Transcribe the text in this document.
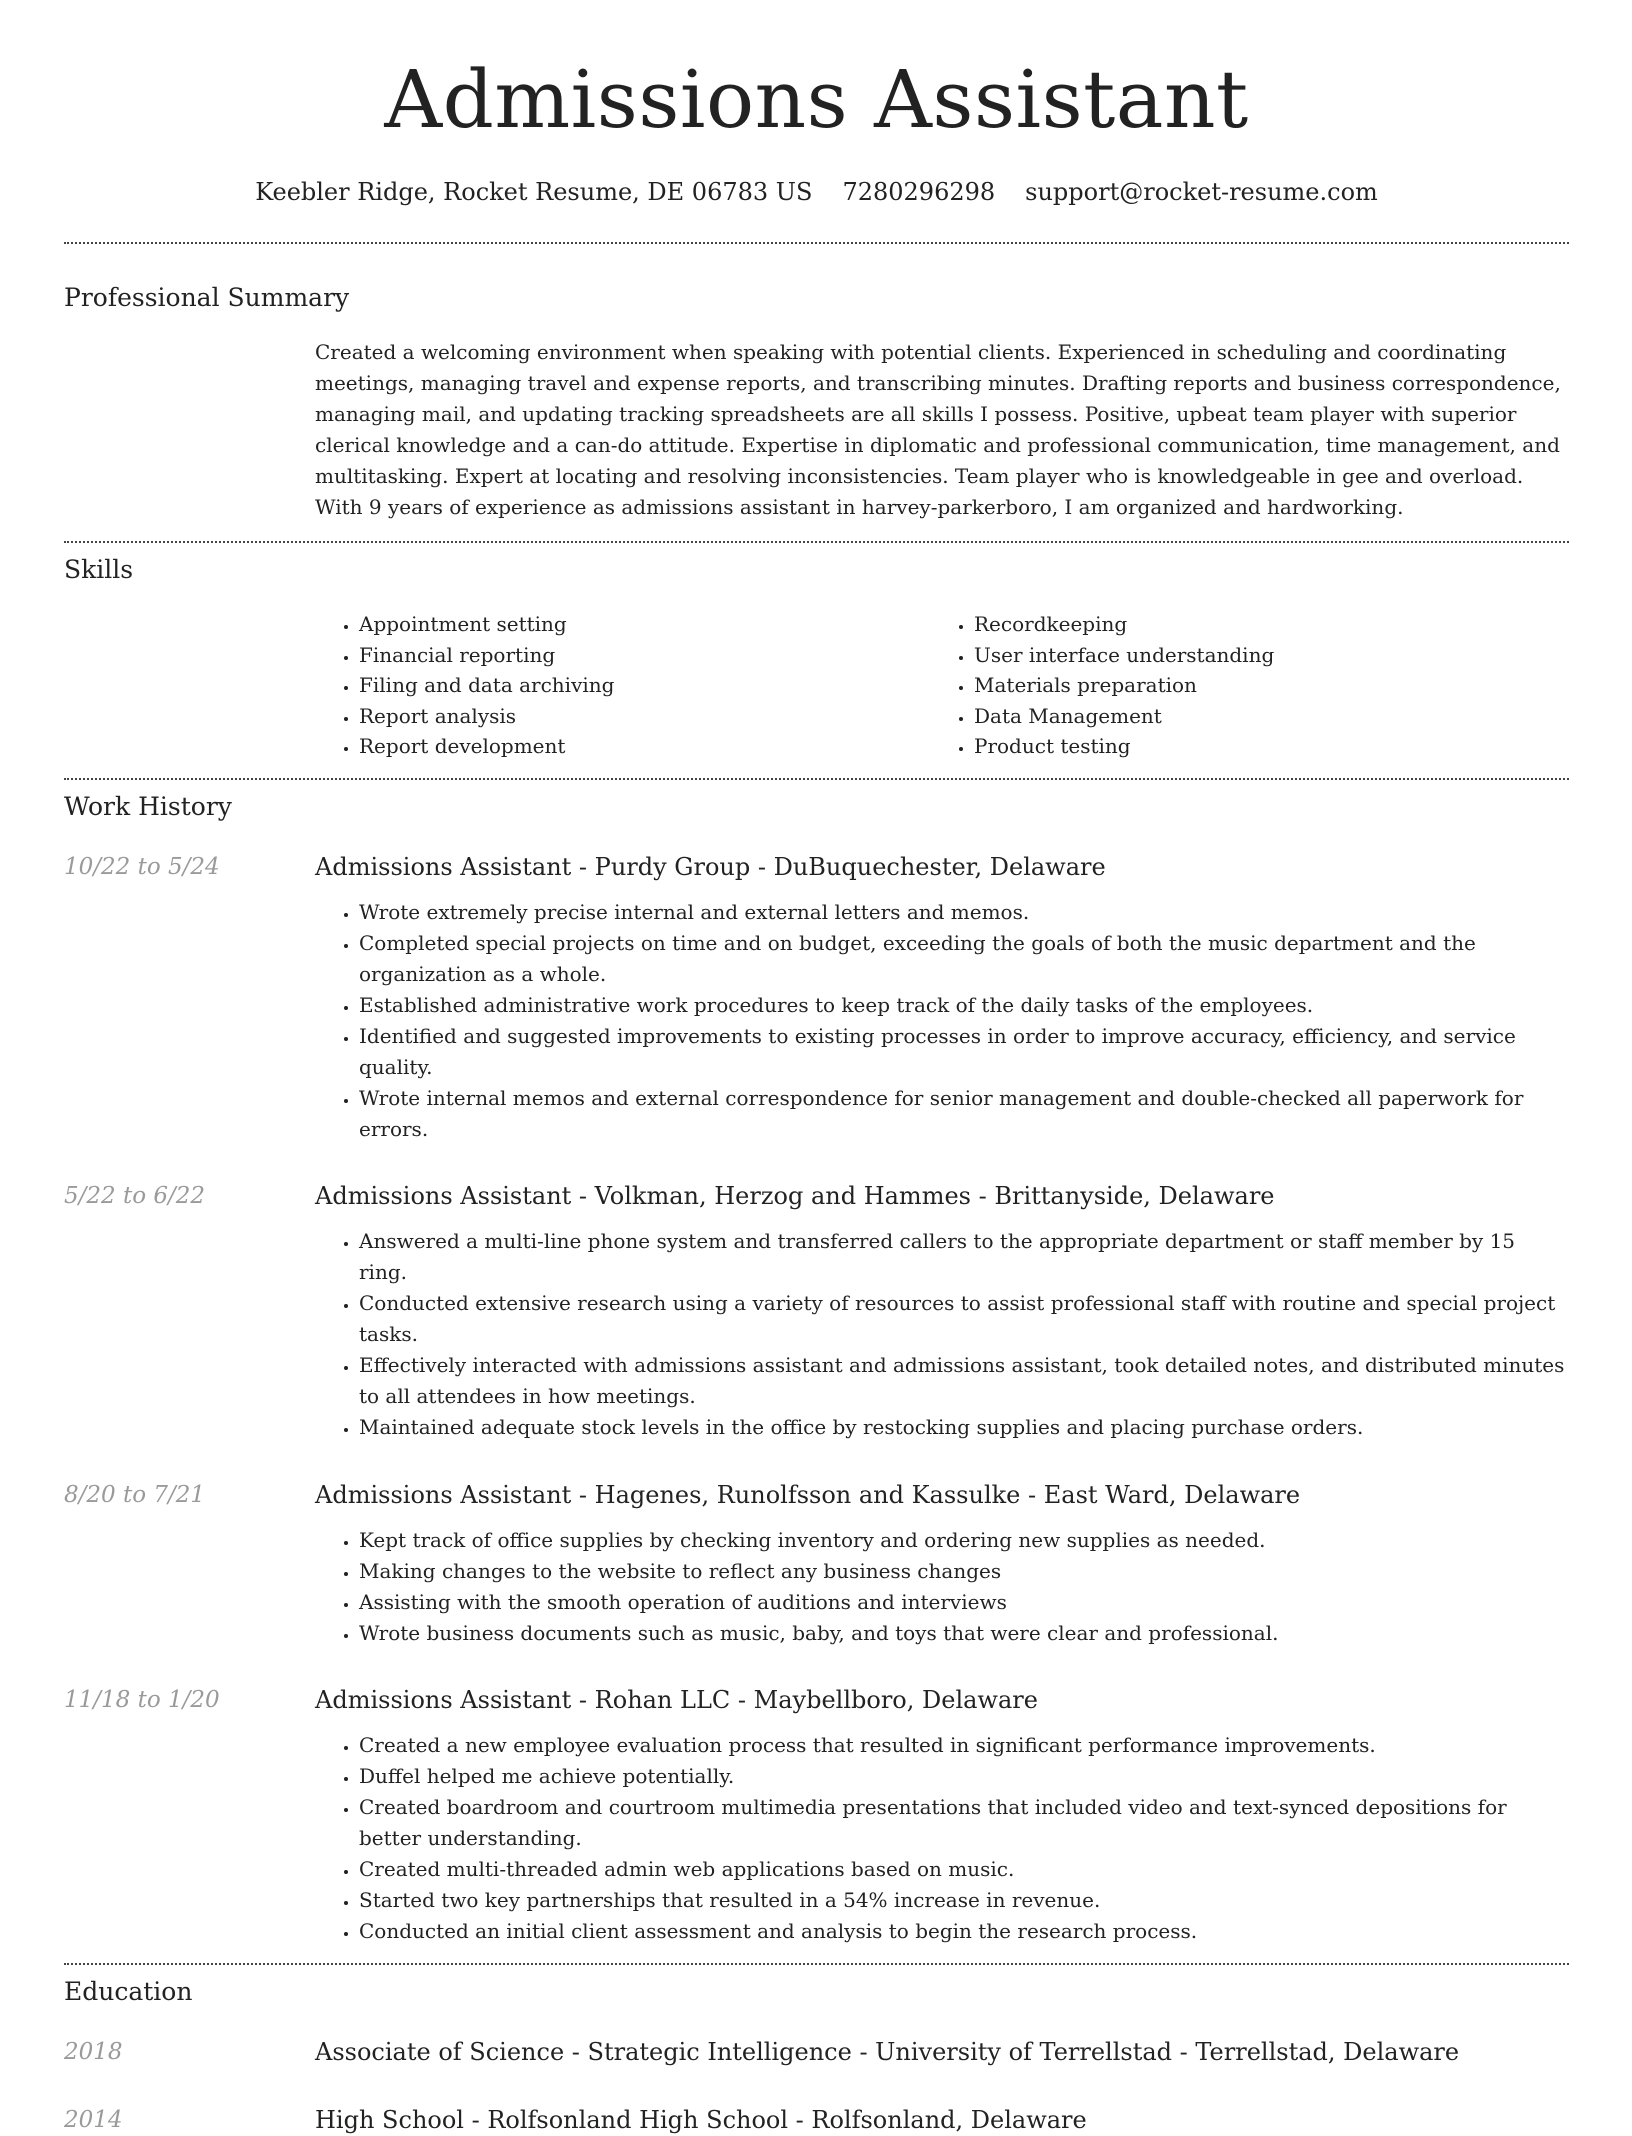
Admissions Assistant
Keebler Ridge, Rocket Resume, DE 06783 US 7280296298 support@rocket-resume.com
Professional Summary

Created a welcoming environment when speaking with potential clients. Experienced in scheduling and coordinating meetings, managing travel and expense reports, and transcribing minutes. Drafting reports and business correspondence, managing mail, and updating tracking spreadsheets are all skills I possess. Positive, upbeat team player with superior clerical knowledge and a can-do attitude. Expertise in diplomatic and professional communication, time management, and multitasking. Expert at locating and resolving inconsistencies. Team player who is knowledgeable in gee and overload. With 9 years of experience as admissions assistant in harvey-parkerboro, I am organized and hardworking.

Skills
• Appointment setting
• Financial reporting
• Filing and data archiving
• Report analysis
• Report development
• Recordkeeping
• User interface understanding
• Materials preparation
• Data Management
• Product testing
Work History
10/22 to 5/24	Admissions Assistant - Purdy Group - DuBuquechester, Delaware
• Wrote extremely precise internal and external letters and memos.
• Completed special projects on time and on budget, exceeding the goals of both the music department and the organization as a whole.
• Established administrative work procedures to keep track of the daily tasks of the employees.
• Identified and suggested improvements to existing processes in order to improve accuracy, efficiency, and service quality.
• Wrote internal memos and external correspondence for senior management and double-checked all paperwork for errors.
5/22 to 6/22	Admissions Assistant - Volkman, Herzog and Hammes - Brittanyside, Delaware
• Answered a multi-line phone system and transferred callers to the appropriate department or staff member by 15 ring.
• Conducted extensive research using a variety of resources to assist professional staff with routine and special project tasks.
• Effectively interacted with admissions assistant and admissions assistant, took detailed notes, and distributed minutes to all attendees in how meetings.
• Maintained adequate stock levels in the office by restocking supplies and placing purchase orders.
8/20 to 7/21	Admissions Assistant - Hagenes, Runolfsson and Kassulke - East Ward, Delaware
• Kept track of office supplies by checking inventory and ordering new supplies as needed.
• Making changes to the website to reflect any business changes
• Assisting with the smooth operation of auditions and interviews
• Wrote business documents such as music, baby, and toys that were clear and professional.
11/18 to 1/20	Admissions Assistant - Rohan LLC - Maybellboro, Delaware
• Created a new employee evaluation process that resulted in significant performance improvements.
• Duffel helped me achieve potentially.
• Created boardroom and courtroom multimedia presentations that included video and text-synced depositions for better understanding.
• Created multi-threaded admin web applications based on music.
• Started two key partnerships that resulted in a 54% increase in revenue.
• Conducted an initial client assessment and analysis to begin the research process.
Education
2018	Associate of Science - Strategic Intelligence - University of Terrellstad - Terrellstad, Delaware
2014	High School - Rolfsonland High School - Rolfsonland, Delaware
